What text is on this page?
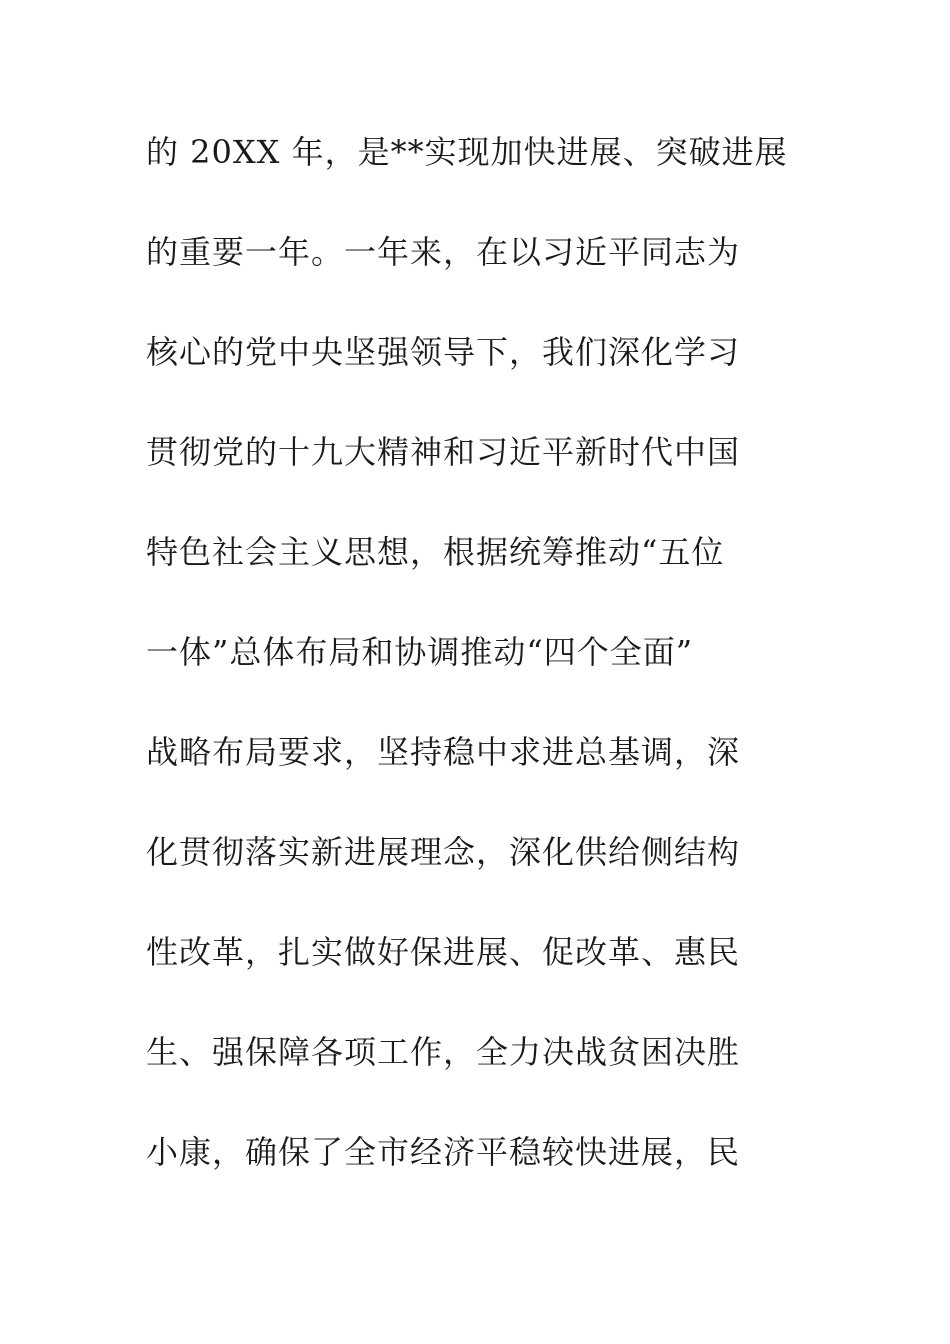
的 20XX 年，是**实现加快进展、突破进展
的重要一年。一年来，在以习近平同志为
核心的党中央坚强领导下，我们深化学习
贯彻党的十九大精神和习近平新时代中国
特色社会主义思想，根据统筹推动“五位
一体”总体布局和协调推动“四个全面”
战略布局要求，坚持稳中求进总基调，深
化贯彻落实新进展理念，深化供给侧结构
性改革，扎实做好保进展、促改革、惠民
生、强保障各项工作，全力决战贫困决胜
小康，确保了全市经济平稳较快进展，民
